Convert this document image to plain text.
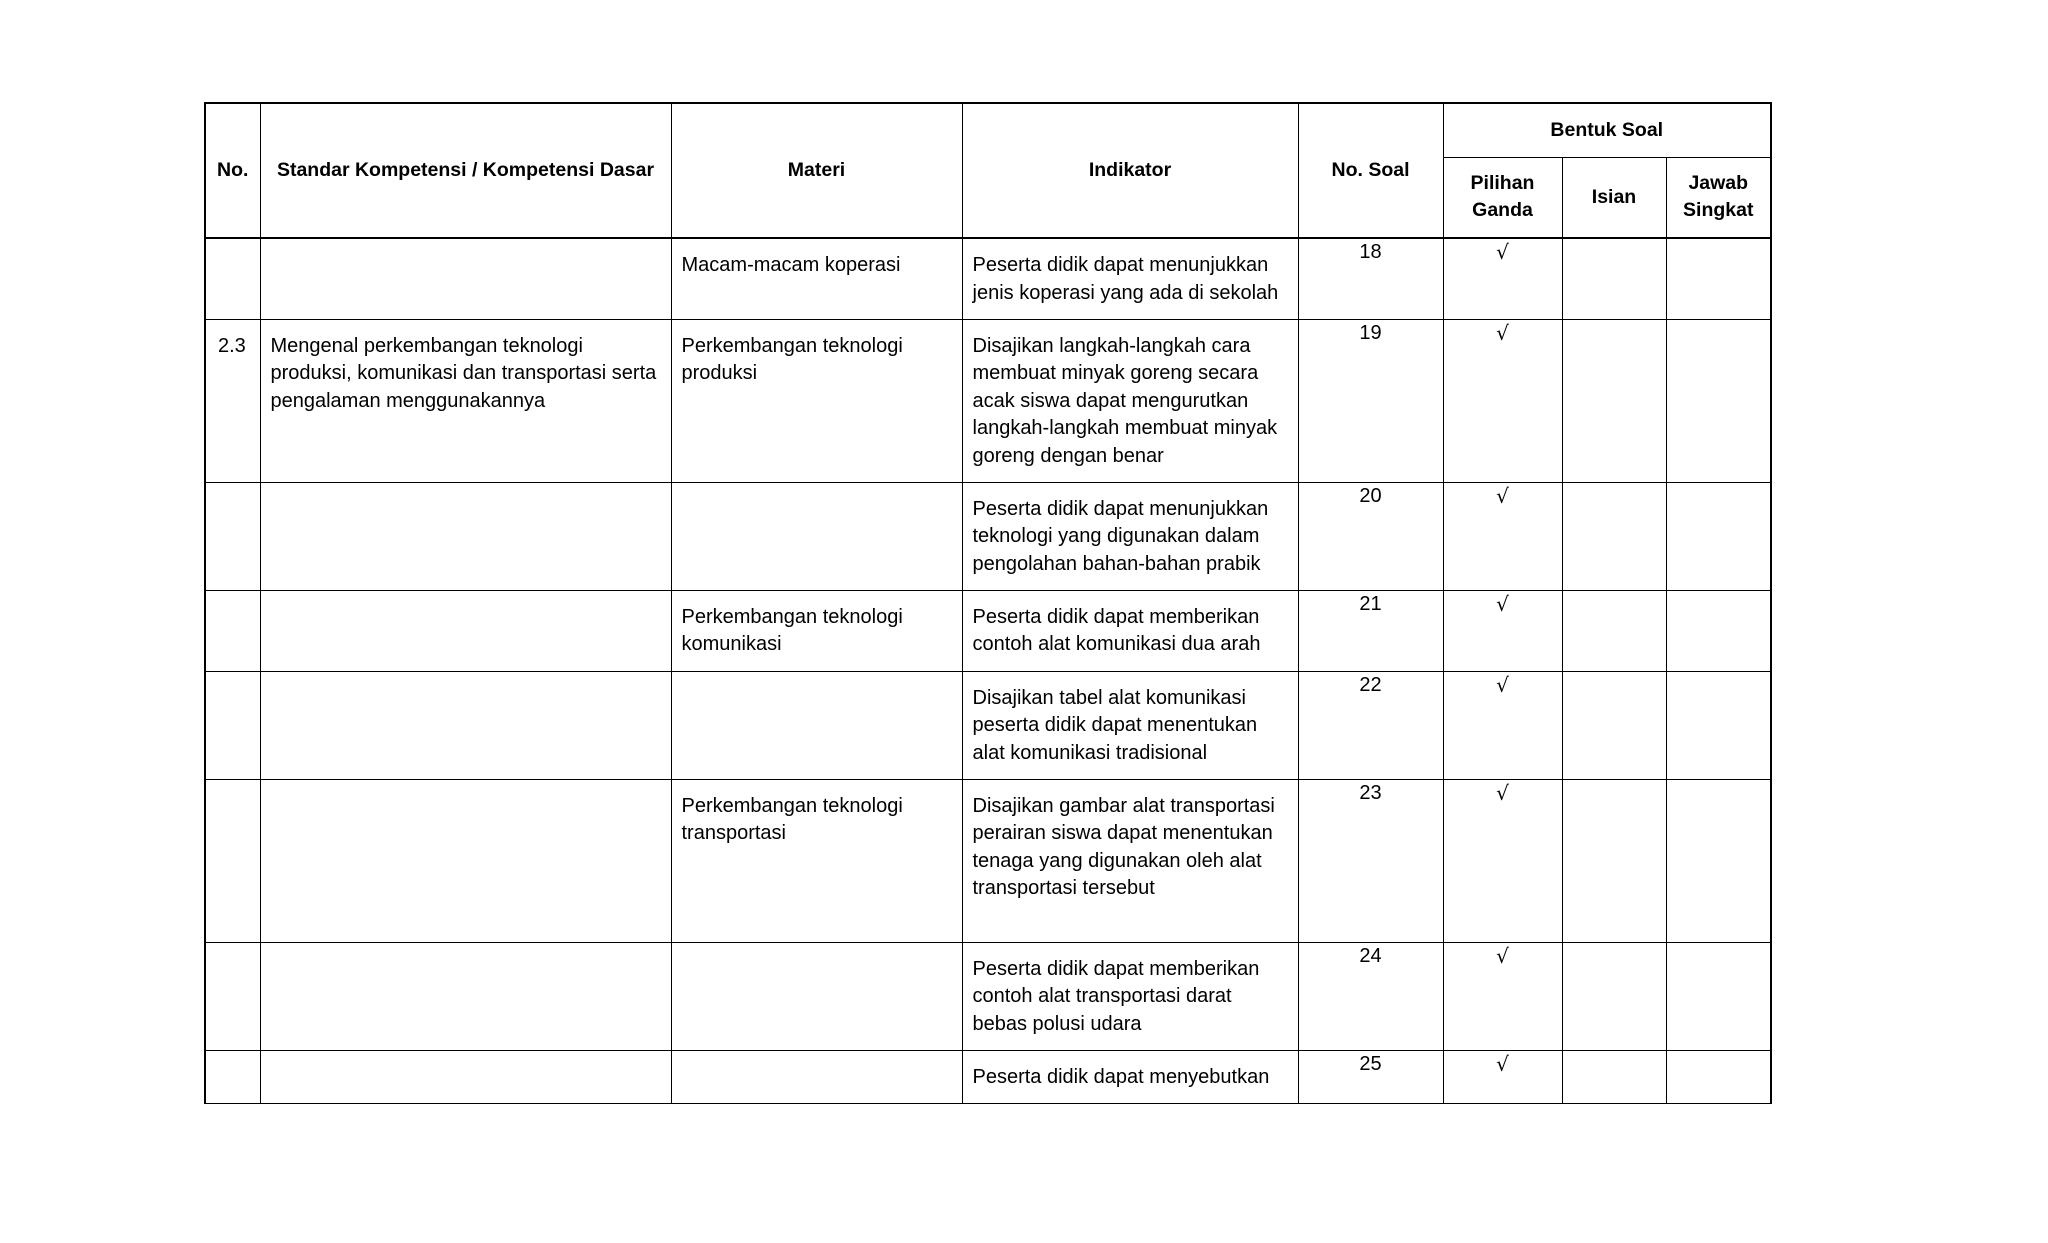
No.	Standar Kompetensi / Kompetensi Dasar	Materi	Indikator	No. Soal	Bentuk Soal		
					Pilihan Ganda	Isian	Jawab Singkat

		Macam-macam koperasi	Peserta didik dapat menunjukkan jenis koperasi yang ada di sekolah	18	√		

2.3	Mengenal perkembangan teknologi produksi, komunikasi dan transportasi serta pengalaman menggunakannya	Perkembangan teknologi produksi	Disajikan langkah-langkah cara membuat minyak goreng secara acak siswa dapat mengurutkan langkah-langkah membuat minyak goreng dengan benar	19	√		

			Peserta didik dapat menunjukkan teknologi yang digunakan dalam pengolahan bahan-bahan prabik	20	√		

		Perkembangan teknologi komunikasi	Peserta didik dapat memberikan contoh alat komunikasi dua arah	21	√		

			Disajikan tabel alat komunikasi peserta didik dapat menentukan alat komunikasi tradisional	22	√		

		Perkembangan teknologi transportasi	Disajikan gambar alat transportasi perairan siswa dapat menentukan tenaga yang digunakan oleh alat transportasi tersebut	23	√		

			Peserta didik dapat memberikan contoh alat transportasi darat bebas polusi udara	24	√		

			Peserta didik dapat menyebutkan	25	√		
